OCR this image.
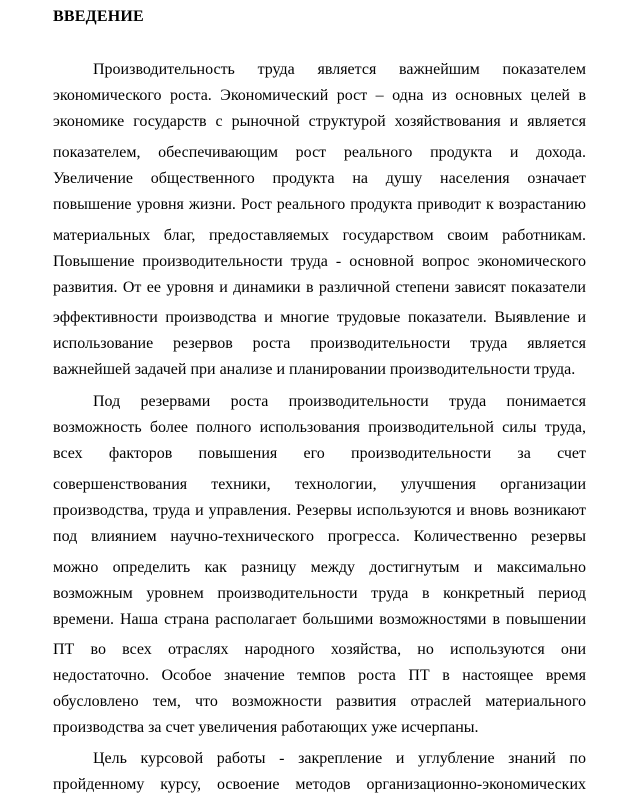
ВВЕДЕНИЕ
Производительность труда является важнейшим показателем
экономического роста. Экономический рост – одна из основных целей в
экономике государств с рыночной структурой хозяйствования и является
показателем, обеспечивающим рост реального продукта и дохода.
Увеличение общественного продукта на душу населения означает
повышение уровня жизни. Рост реального продукта приводит к возрастанию
материальных благ, предоставляемых государством своим работникам.
Повышение производительности труда - основной вопрос экономического
развития. От ее уровня и динамики в различной степени зависят показатели
эффективности производства и многие трудовые показатели. Выявление и
использование резервов роста производительности труда является
важнейшей задачей при анализе и планировании производительности труда.
Под резервами роста производительности труда понимается
возможность более полного использования производительной силы труда,
всех факторов повышения его производительности за счет
совершенствования техники, технологии, улучшения организации
производства, труда и управления. Резервы используются и вновь возникают
под влиянием научно-технического прогресса. Количественно резервы
можно определить как разницу между достигнутым и максимально
возможным уровнем производительности труда в конкретный период
времени. Наша страна располагает большими возможностями в повышении
ПТ во всех отраслях народного хозяйства, но используются они
недостаточно. Особое значение темпов роста ПТ в настоящее время
обусловлено тем, что возможности развития отраслей материального
производства за счет увеличения работающих уже исчерпаны.
Цель курсовой работы - закрепление и углубление знаний по
пройденному курсу, освоение методов организационно-экономических
